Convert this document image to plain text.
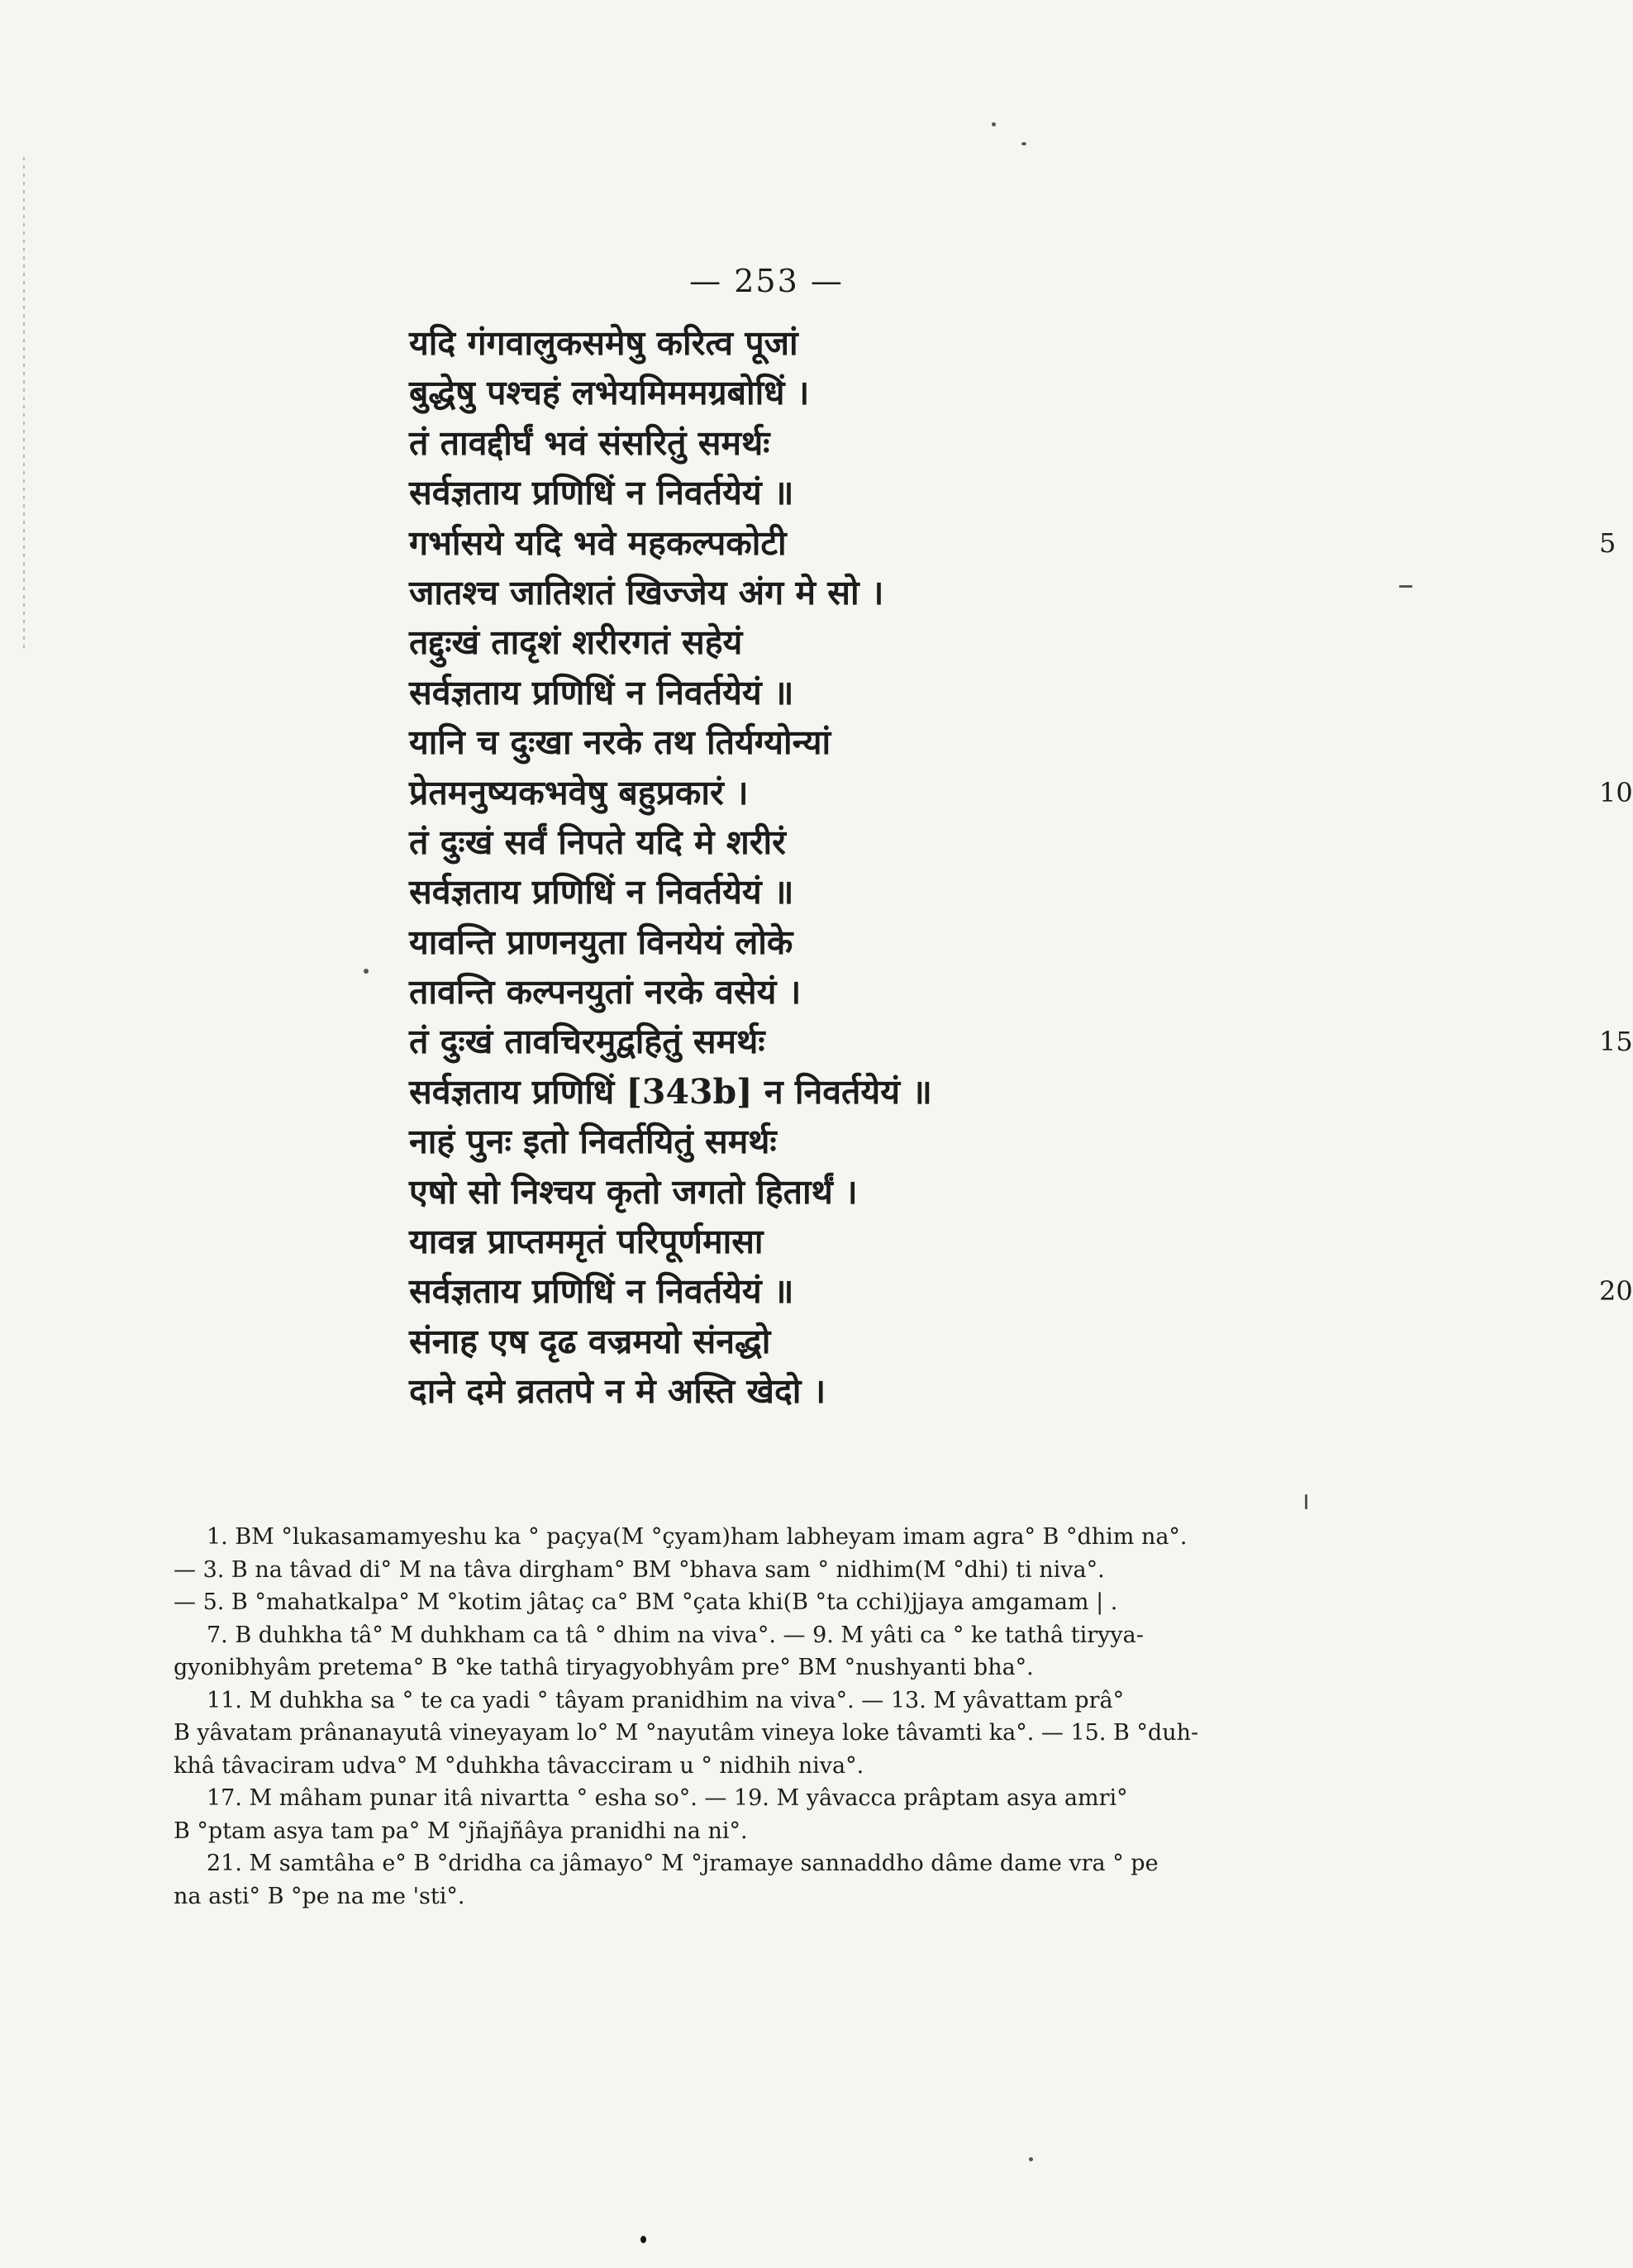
— 253 —
यदि गंगवालुकसमेषु करित्व पूजां
बुद्धेषु पश्चहं लभेयमिममग्रबोधिं ।
तं तावद्दीर्घं भवं संसरितुं समर्थः
सर्वज्ञताय प्रणिधिं न निवर्तयेयं ॥
गर्भासये यदि भवे महकल्पकोटी	5
जातश्च जातिशतं खिज्जेय अंग मे सो ।
तद्दुःखं तादृशं शरीरगतं सहेयं
सर्वज्ञताय प्रणिधिं न निवर्तयेयं ॥
यानि च दुःखा नरके तथ तिर्यग्योन्यां
प्रेतमनुष्यकभवेषु बहुप्रकारं ।	10
तं दुःखं सर्वं निपते यदि मे शरीरं
सर्वज्ञताय प्रणिधिं न निवर्तयेयं ॥
यावन्ति प्राणनयुता विनयेयं लोके
तावन्ति कल्पनयुतां नरके वसेयं ।
तं दुःखं तावचिरमुद्वहितुं समर्थः	15
सर्वज्ञताय प्रणिधिं [343b] न निवर्तयेयं ॥
नाहं पुनः इतो निवर्तयितुं समर्थः
एषो सो निश्चय कृतो जगतो हितार्थं ।
यावन्न प्राप्तममृतं परिपूर्णमासा
सर्वज्ञताय प्रणिधिं न निवर्तयेयं ॥	20
संनाह एष दृढ वज्रमयो संनद्धो
दाने दमे व्रततपे न मे अस्ति खेदो ।
1. BM °lukasamamyeshu ka ° paçya(M °çyam)ham labheyam imam agra° B °dhim na°.
— 3. B na tâvad di° M na tâva dirgham° BM °bhava sam ° nidhim(M °dhi) ti niva°.
— 5. B °mahatkalpa° M °kotim jâtaç ca° BM °çata khi(B °ta cchi)jjaya amgamam | .
7. B duhkha tâ° M duhkham ca tâ ° dhim na viva°. — 9. M yâti ca ° ke tathâ tiryya-
gyonibhyâm pretema° B °ke tathâ tiryagyobhyâm pre° BM °nushyanti bha°.
11. M duhkha sa ° te ca yadi ° tâyam pranidhim na viva°. — 13. M yâvattam prâ°
B yâvatam prânanayutâ vineyayam lo° M °nayutâm vineya loke tâvamti ka°. — 15. B °duh-
khâ tâvaciram udva° M °duhkha tâvacciram u ° nidhih niva°.
17. M mâham punar itâ nivartta ° esha so°. — 19. M yâvacca prâptam asya amri°
B °ptam asya tam pa° M °jñajñâya pranidhi na ni°.
21. M samtâha e° B °dridha ca jâmayo° M °jramaye sannaddho dâme dame vra ° pe
na asti° B °pe na me 'sti°.
